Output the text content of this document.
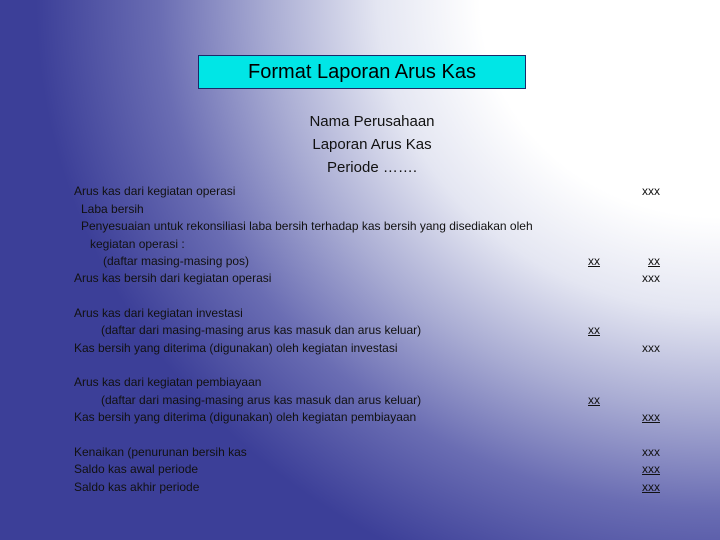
Format Laporan Arus Kas
Nama Perusahaan
Laporan Arus Kas
Periode …….
Arus kas dari kegiatan operasi	xxx
Laba bersih
Penyesuaian untuk rekonsiliasi laba bersih terhadap kas bersih yang disediakan oleh
kegiatan operasi :
(daftar masing-masing pos)	xx	xx
Arus kas bersih dari kegiatan operasi	xxx
Arus kas dari kegiatan investasi
(daftar dari masing-masing arus kas masuk dan arus keluar)	xx
Kas bersih yang diterima (digunakan) oleh kegiatan investasi	xxx
Arus kas dari kegiatan pembiayaan
(daftar dari masing-masing arus kas masuk dan arus keluar)	xx
Kas bersih yang diterima (digunakan) oleh kegiatan pembiayaan	xxx
Kenaikan (penurunan bersih kas	xxx
Saldo kas awal periode	xxx
Saldo kas akhir periode	xxx
